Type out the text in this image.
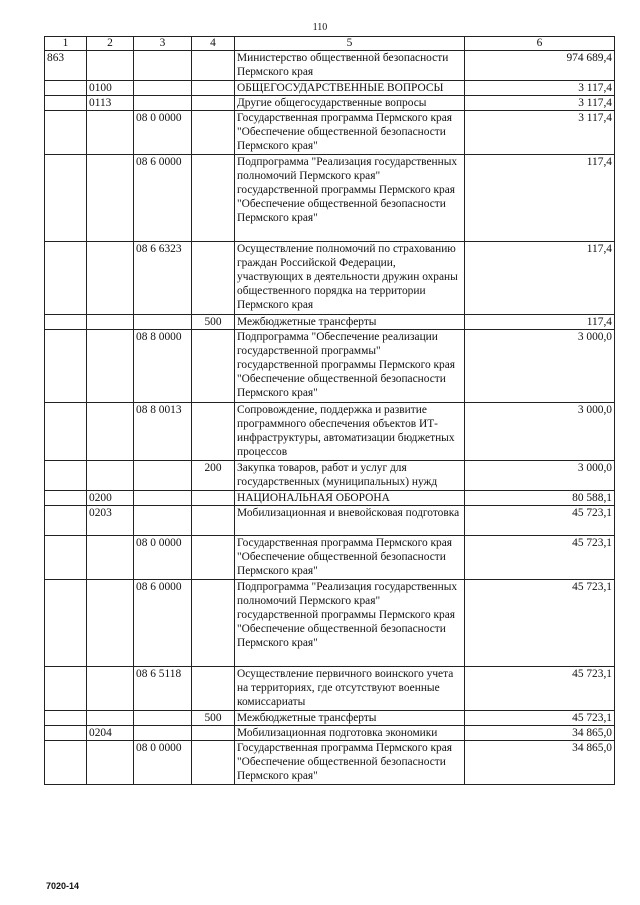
110
1	2	3	4	5	6
863				Министерство общественной безопасности Пермского края	974 689,4
	0100			ОБЩЕГОСУДАРСТВЕННЫЕ ВОПРОСЫ	3 117,4
	0113			Другие общегосударственные вопросы	3 117,4
		08 0 0000		Государственная программа Пермского края "Обеспечение общественной безопасности Пермского края"	3 117,4
		08 6 0000		Подпрограмма "Реализация государственных полномочий Пермского края" государственной программы Пермского края "Обеспечение общественной безопасности Пермского края"	117,4
		08 6 6323		Осуществление полномочий по страхованию граждан Российской Федерации, участвующих в деятельности дружин охраны общественного порядка на территории Пермского края	117,4
			500	Межбюджетные трансферты	117,4
		08 8 0000		Подпрограмма "Обеспечение реализации государственной программы" государственной программы Пермского края "Обеспечение общественной безопасности Пермского края"	3 000,0
		08 8 0013		Сопровождение, поддержка и развитие программного обеспечения объектов ИТ-инфраструктуры, автоматизации бюджетных процессов	3 000,0
			200	Закупка товаров, работ и услуг для государственных (муниципальных) нужд	3 000,0
	0200			НАЦИОНАЛЬНАЯ ОБОРОНА	80 588,1
	0203			Мобилизационная и вневойсковая подготовка	45 723,1
		08 0 0000		Государственная программа Пермского края "Обеспечение общественной безопасности Пермского края"	45 723,1
		08 6 0000		Подпрограмма "Реализация государственных полномочий Пермского края" государственной программы Пермского края "Обеспечение общественной безопасности Пермского края"	45 723,1
		08 6 5118		Осуществление первичного воинского учета на территориях, где отсутствуют военные комиссариаты	45 723,1
			500	Межбюджетные трансферты	45 723,1
	0204			Мобилизационная подготовка экономики	34 865,0
		08 0 0000		Государственная программа Пермского края "Обеспечение общественной безопасности Пермского края"	34 865,0
7020-14
